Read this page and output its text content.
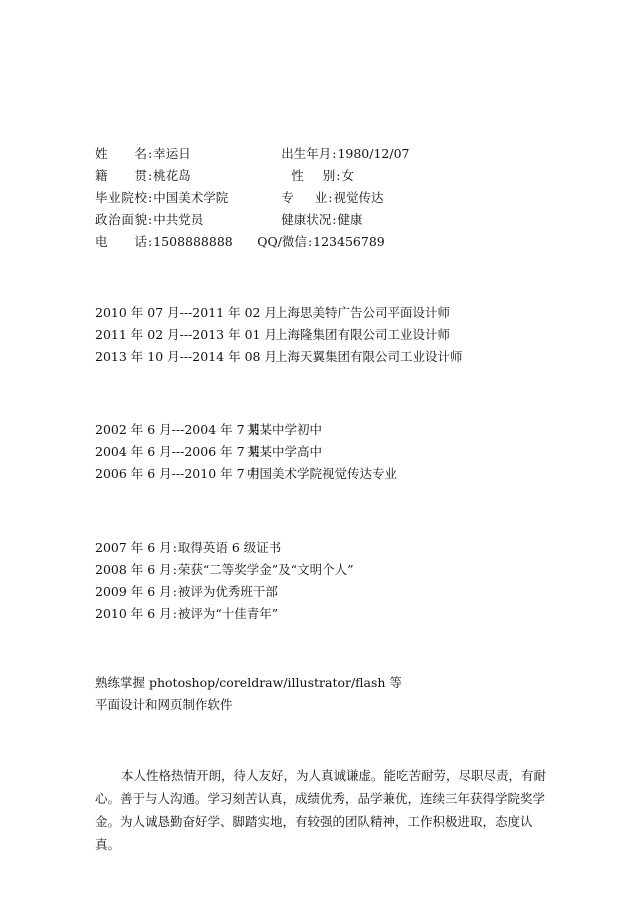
姓名:幸运日	出生年月:1980/12/07
籍贯:桃花岛	性别:女
毕业院校:中国美术学院	专业:视觉传达
政治面貌:中共党员	健康状况:健康
电话:1508888888 QQ/微信:123456789
2010 年 07 月---2011 年 02 月上海思美特广告公司平面设计师
2011 年 02 月---2013 年 01 月上海隆集团有限公司工业设计师
2013 年 10 月---2014 年 08 月上海天翼集团有限公司工业设计师
2002 年 6 月---2004 年 7 月某某中学初中
2004 年 6 月---2006 年 7 月某某中学高中
2006 年 6 月---2010 年 7 月中国美术学院视觉传达专业
2007 年 6 月:取得英语 6 级证书
2008 年 6 月:荣获“二等奖学金”及“文明个人”
2009 年 6 月:被评为优秀班干部
2010 年 6 月:被评为“十佳青年”
熟练掌握 photoshop/coreldraw/illustrator/flash 等
平面设计和网页制作软件
本人性格热情开朗，待人友好，为人真诚谦虚。能吃苦耐劳，尽职尽责，有耐心。善于与人沟通。学习刻苦认真，成绩优秀，品学兼优，连续三年获得学院奖学金。为人诚恳勤奋好学、脚踏实地，有较强的团队精神，工作积极进取，态度认真。
